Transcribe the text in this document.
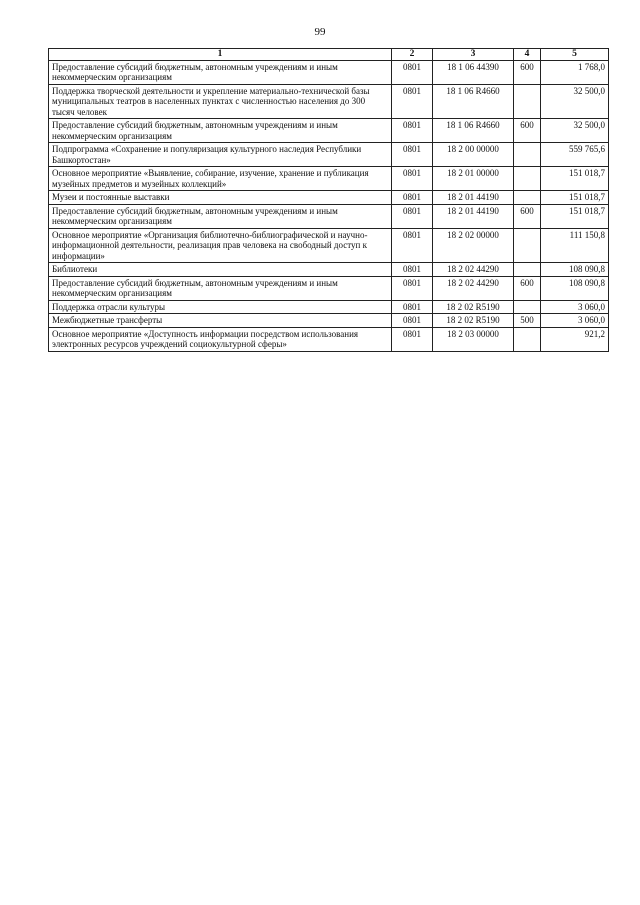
99
1	2	3	4	5
Предоставление субсидий бюджетным, автономным учреждениям и иным некоммерческим организациям	0801	18 1 06 44390	600	1 768,0
Поддержка творческой деятельности и укрепление материально-технической базы муниципальных театров в населенных пунктах с численностью населения до 300 тысяч человек	0801	18 1 06 R4660		32 500,0
Предоставление субсидий бюджетным, автономным учреждениям и иным некоммерческим организациям	0801	18 1 06 R4660	600	32 500,0
Подпрограмма «Сохранение и популяризация культурного наследия Республики Башкортостан»	0801	18 2 00 00000		559 765,6
Основное мероприятие «Выявление, собирание, изучение, хранение и публикация музейных предметов и музейных коллекций»	0801	18 2 01 00000		151 018,7
Музеи и постоянные выставки	0801	18 2 01 44190		151 018,7
Предоставление субсидий бюджетным, автономным учреждениям и иным некоммерческим организациям	0801	18 2 01 44190	600	151 018,7
Основное мероприятие «Организация библиотечно-библиографической и научно-информационной деятельности, реализация прав человека на свободный доступ к информации»	0801	18 2 02 00000		111 150,8
Библиотеки	0801	18 2 02 44290		108 090,8
Предоставление субсидий бюджетным, автономным учреждениям и иным некоммерческим организациям	0801	18 2 02 44290	600	108 090,8
Поддержка отрасли культуры	0801	18 2 02 R5190		3 060,0
Межбюджетные трансферты	0801	18 2 02 R5190	500	3 060,0
Основное мероприятие «Доступность информации посредством использования электронных ресурсов учреждений социокультурной сферы»	0801	18 2 03 00000		921,2
